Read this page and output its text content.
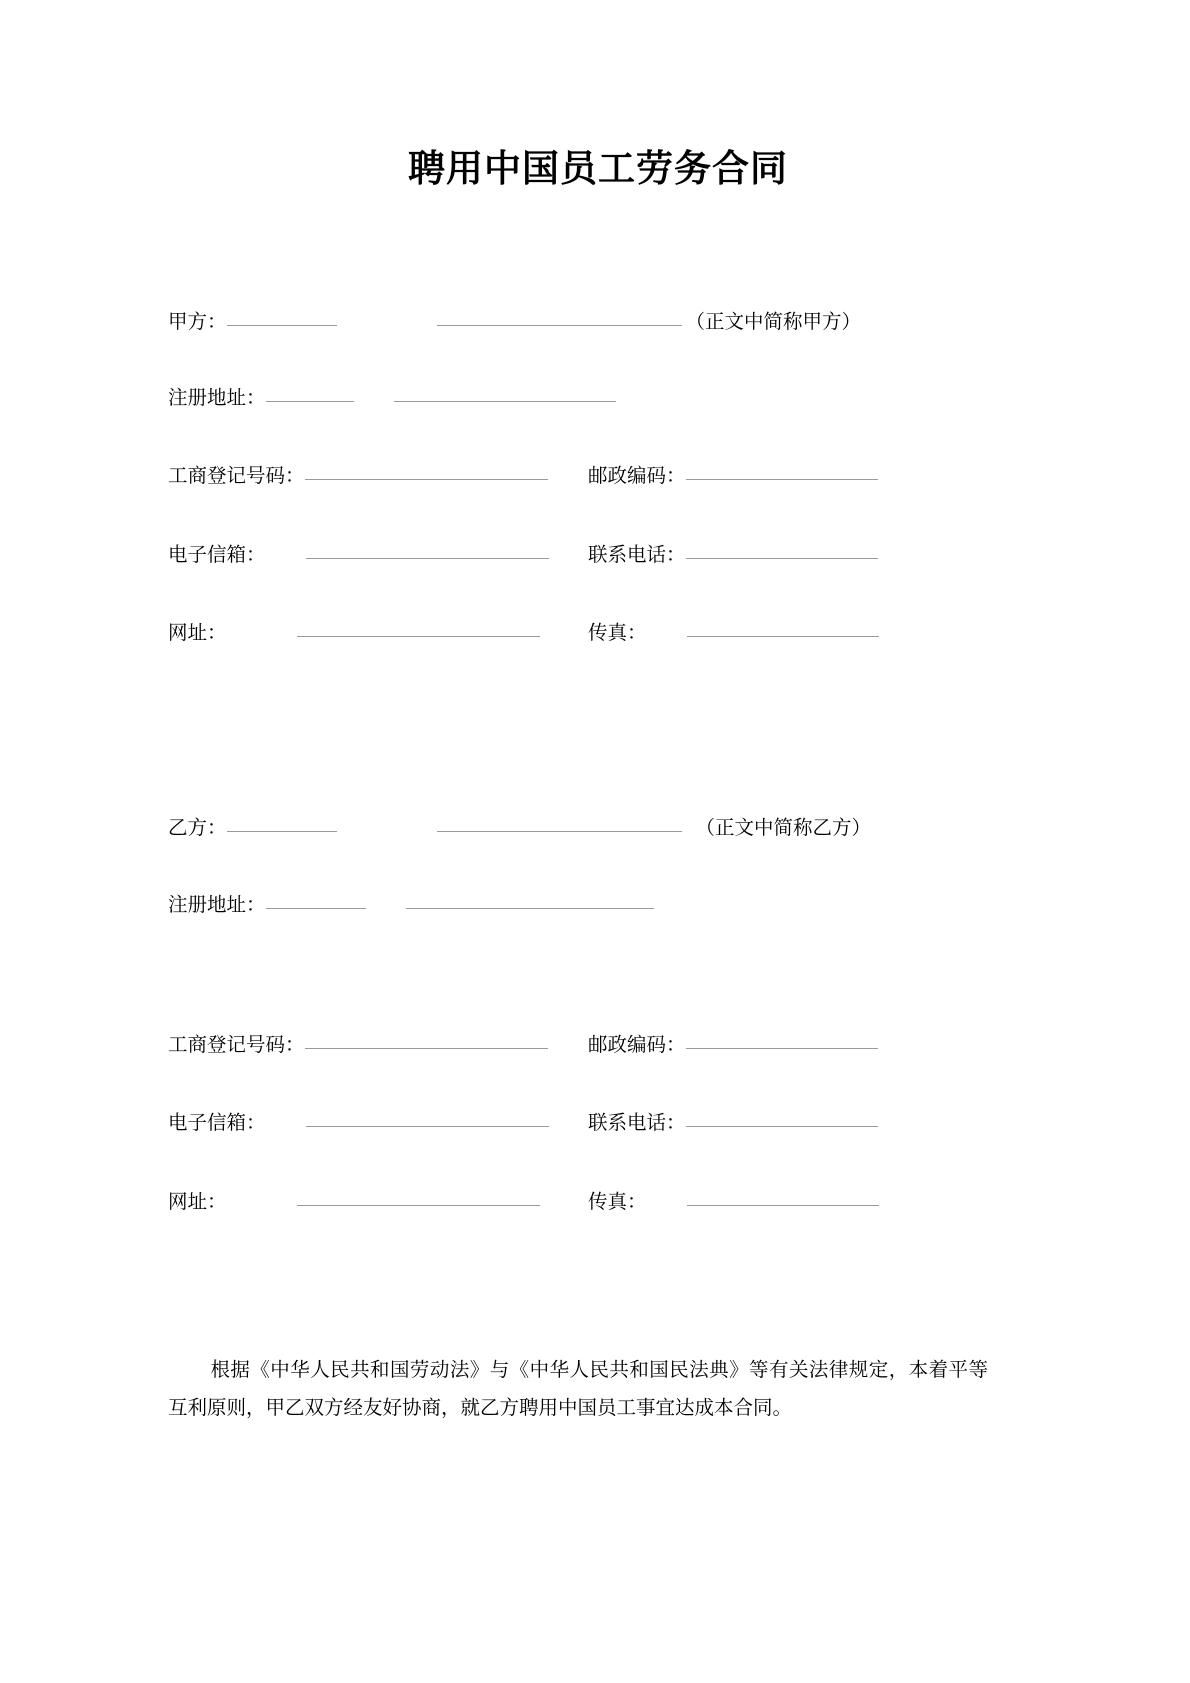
聘用中国员工劳务合同
甲方：	（正文中简称甲方）
注册地址：
工商登记号码：	邮政编码：
电子信箱：	联系电话：
网址：	传真：
乙方：	（正文中简称乙方）
注册地址：
工商登记号码：	邮政编码：
电子信箱：	联系电话：
网址：	传真：

根据《中华人民共和国劳动法》与《中华人民共和国民法典》等有关法律规定，本着平等互利原则，甲乙双方经友好协商，就乙方聘用中国员工事宜达成本合同。
